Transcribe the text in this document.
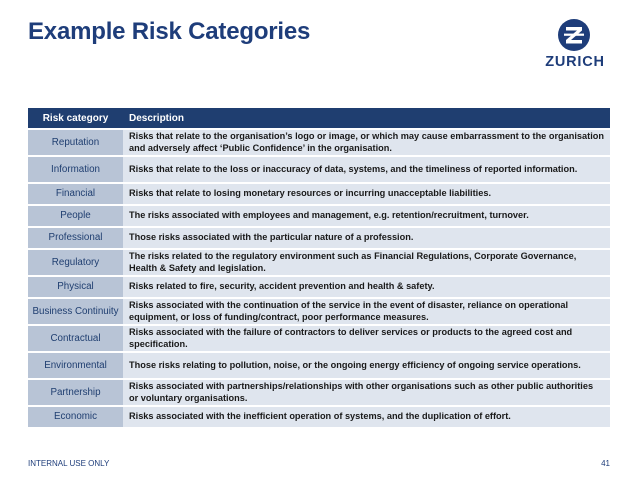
Example Risk Categories
ZURICH
Risk category	Description
Reputation	Risks that relate to the organisation’s logo or image, or which may cause embarrassment to the organisation and adversely affect ‘Public Confidence’ in the organisation.
Information	Risks that relate to the loss or inaccuracy of data, systems, and the timeliness of reported information.
Financial	Risks that relate to losing monetary resources or incurring unacceptable liabilities.
People	The risks associated with employees and management, e.g. retention/recruitment, turnover.
Professional	Those risks associated with the particular nature of a profession.
Regulatory	The risks related to the regulatory environment such as Financial Regulations, Corporate Governance, Health & Safety and legislation.
Physical	Risks related to fire, security, accident prevention and health & safety.
Business Continuity	Risks associated with the continuation of the service in the event of disaster, reliance on operational equipment, or loss of funding/contract, poor performance measures.
Contractual	Risks associated with the failure of contractors to deliver services or products to the agreed cost and specification.
Environmental	Those risks relating to pollution, noise, or the ongoing energy efficiency of ongoing service operations.
Partnership	Risks associated with partnerships/relationships with other organisations such as other public authorities or voluntary organisations.
Economic	Risks associated with the inefficient operation of systems, and the duplication of effort.
INTERNAL USE ONLY	41
